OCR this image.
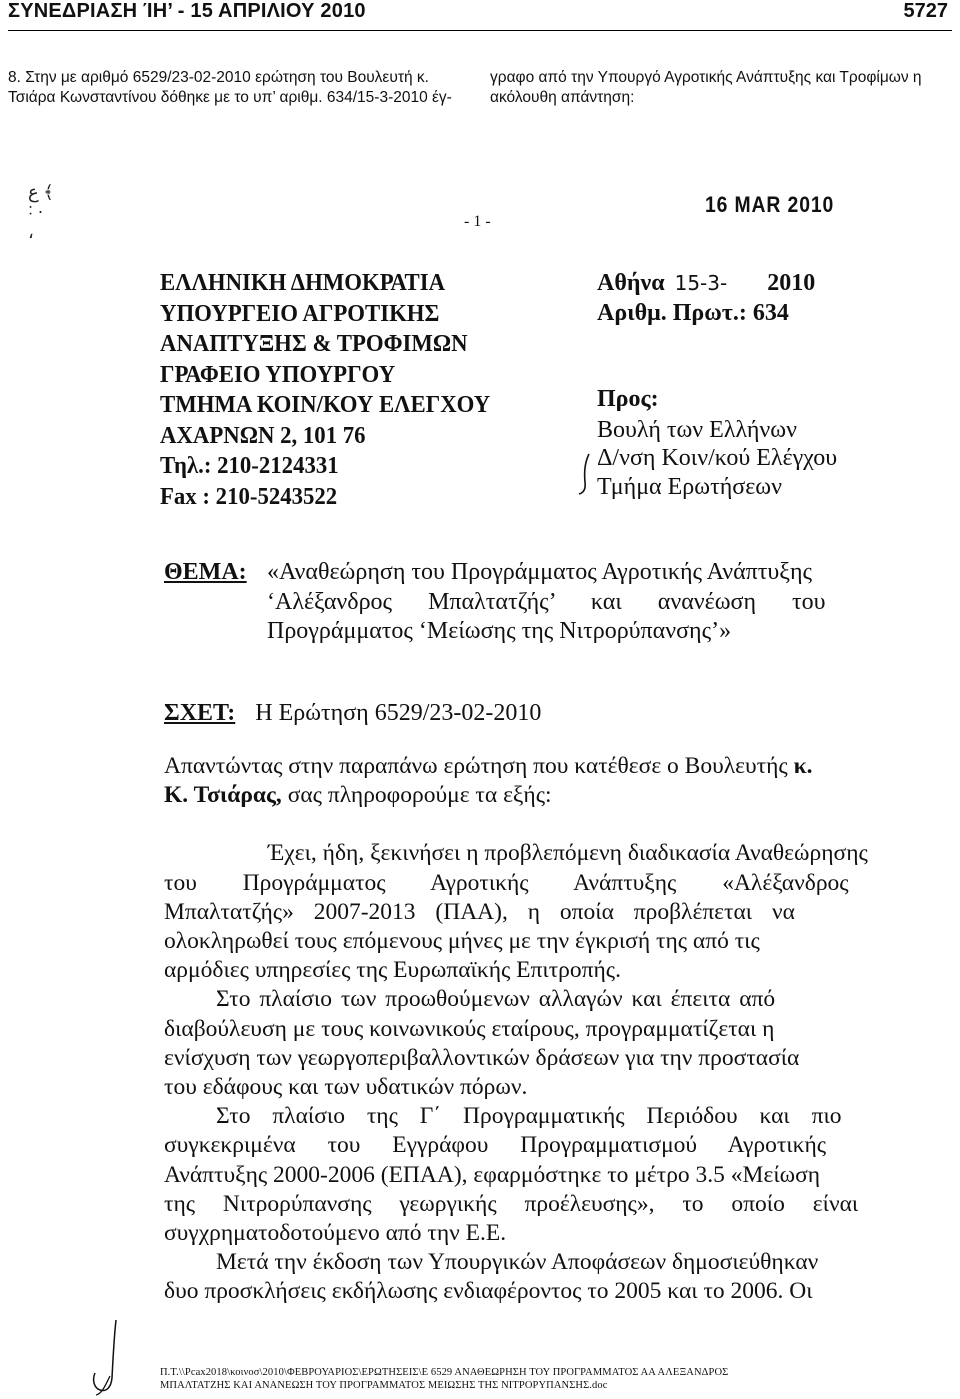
ΣΥΝΕΔΡΙΑΣΗ ΊΗ’ - 15 ΑΠΡΙΛΙΟΥ 2010	5727
8. Στην με αριθμό 6529/23-02-2010 ερώτηση του Βουλευτή κ.
Τσιάρα Κωνσταντίνου δόθηκε με το υπ’ αριθμ. 634/15-3-2010 έγ-
γραφο από την Υπουργό Αγροτικής Ανάπτυξης και Τροφίμων η
ακόλουθη απάντηση:
ع ﴾
˸ ·
،
- 1 -
16 MAR 2010
ΕΛΛΗΝΙΚΗ ΔΗΜΟΚΡΑΤΙΑ
ΥΠΟΥΡΓΕΙΟ ΑΓΡΟΤΙΚΗΣ
ΑΝΑΠΤΥΞΗΣ & ΤΡΟΦΙΜΩΝ
ΓΡΑΦΕΙΟ ΥΠΟΥΡΓΟΥ
ΤΜΗΜΑ ΚΟΙΝ/ΚΟΥ ΕΛΕΓΧΟΥ
ΑΧΑΡΝΩΝ 2, 101 76
Τηλ.: 210-2124331
Fax : 210-5243522
Αθήνα 15-3- 2010
Αριθμ. Πρωτ.: 634
Προς:
Βουλή των Ελλήνων
Δ/νση Κοιν/κού Ελέγχου
Τμήμα Ερωτήσεων
ΘΕΜΑ: «Αναθεώρηση του Προγράμματος Αγροτικής Ανάπτυξης
‘Αλέξανδρος Μπαλτατζής’ και ανανέωση του
Προγράμματος ‘Μείωσης της Νιτρορύπανσης’»
ΣΧΕΤ: Η Ερώτηση 6529/23-02-2010

Απαντώντας στην παραπάνω ερώτηση που κατέθεσε ο Βουλευτής κ.

Κ. Τσιάρας, σας πληροφορούμε τα εξής:

Έχει, ήδη, ξεκινήσει η προβλεπόμενη διαδικασία Αναθεώρησης
του Προγράμματος Αγροτικής Ανάπτυξης «Αλέξανδρος
Μπαλτατζής» 2007-2013 (ΠΑΑ), η οποία προβλέπεται να
ολοκληρωθεί τους επόμενους μήνες με την έγκρισή της από τις
αρμόδιες υπηρεσίες της Ευρωπαϊκής Επιτροπής.
Στο πλαίσιο των προωθούμενων αλλαγών και έπειτα από
διαβούλευση με τους κοινωνικούς εταίρους, προγραμματίζεται η
ενίσχυση των γεωργοπεριβαλλοντικών δράσεων για την προστασία
του εδάφους και των υδατικών πόρων.
Στο πλαίσιο της Γ΄ Προγραμματικής Περιόδου και πιο
συγκεκριμένα του Εγγράφου Προγραμματισμού Αγροτικής
Ανάπτυξης 2000-2006 (ΕΠΑΑ), εφαρμόστηκε το μέτρο 3.5 «Μείωση
της Νιτρορύπανσης γεωργικής προέλευσης», το οποίο είναι
συγχρηματοδοτούμενο από την Ε.Ε.
Μετά την έκδοση των Υπουργικών Αποφάσεων δημοσιεύθηκαν
δυο προσκλήσεις εκδήλωσης ενδιαφέροντος το 2005 και το 2006. Οι
Π.Τ.\\Pcax2018\κοινοσ\2010\ΦΕΒΡΟΥΑΡΙΟΣ\ΕΡΩΤΗΣΕΙΣ\Ε 6529 ΑΝΑΘΕΩΡΗΣΗ ΤΟΥ ΠΡΟΓΡΑΜΜΑΤΟΣ ΑΑ ΑΛΕΞΑΝΔΡΟΣ
ΜΠΑΛΤΑΤΖΗΣ ΚΑΙ ΑΝΑΝΕΩΣΗ ΤΟΥ ΠΡΟΓΡΑΜΜΑΤΟΣ ΜΕΙΩΣΗΣ ΤΗΣ ΝΙΤΡΟΡΥΠΑΝΣΗΣ.doc
